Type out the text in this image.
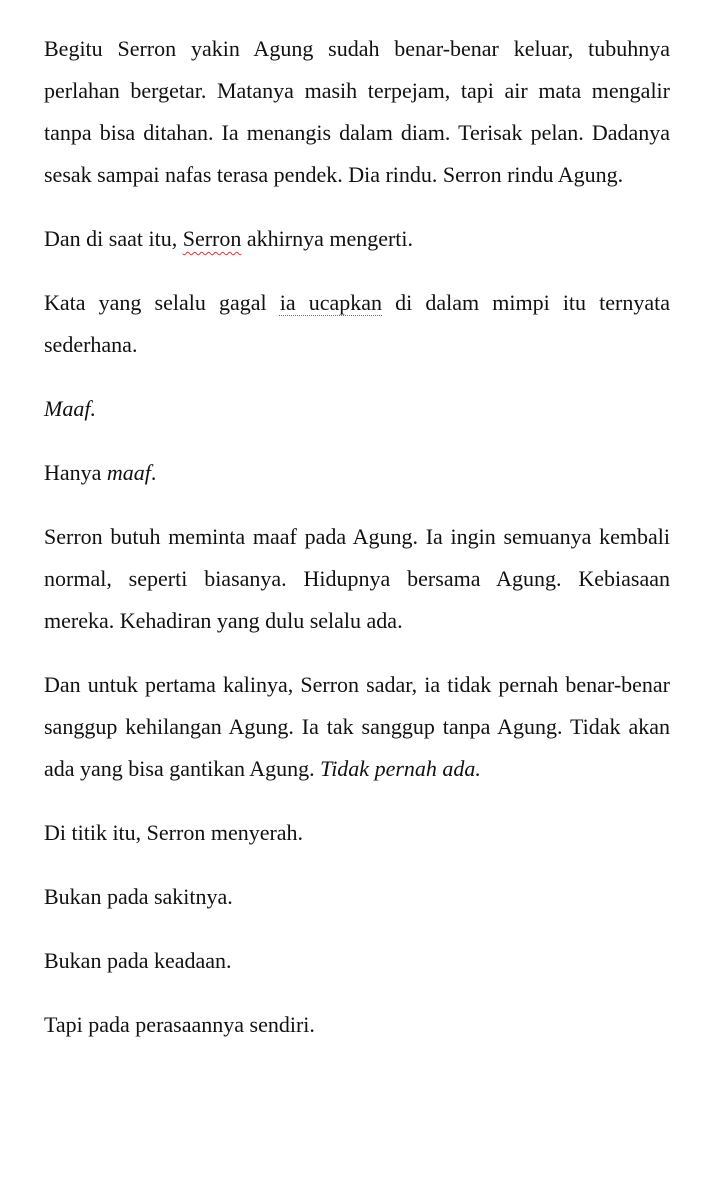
Begitu Serron yakin Agung sudah benar-benar keluar, tubuhnya perlahan bergetar. Matanya masih terpejam, tapi air mata mengalir tanpa bisa ditahan. Ia menangis dalam diam. Terisak pelan. Dadanya sesak sampai nafas terasa pendek. Dia rindu. Serron rindu Agung.

Dan di saat itu, Serron akhirnya mengerti.

Kata yang selalu gagal ia ucapkan di dalam mimpi itu ternyata sederhana.

Maaf.

Hanya maaf.

Serron butuh meminta maaf pada Agung. Ia ingin semuanya kembali normal, seperti biasanya. Hidupnya bersama Agung. Kebiasaan mereka. Kehadiran yang dulu selalu ada.

Dan untuk pertama kalinya, Serron sadar, ia tidak pernah benar-benar sanggup kehilangan Agung. Ia tak sanggup tanpa Agung. Tidak akan ada yang bisa gantikan Agung. Tidak pernah ada.

Di titik itu, Serron menyerah.

Bukan pada sakitnya.

Bukan pada keadaan.

Tapi pada perasaannya sendiri.
